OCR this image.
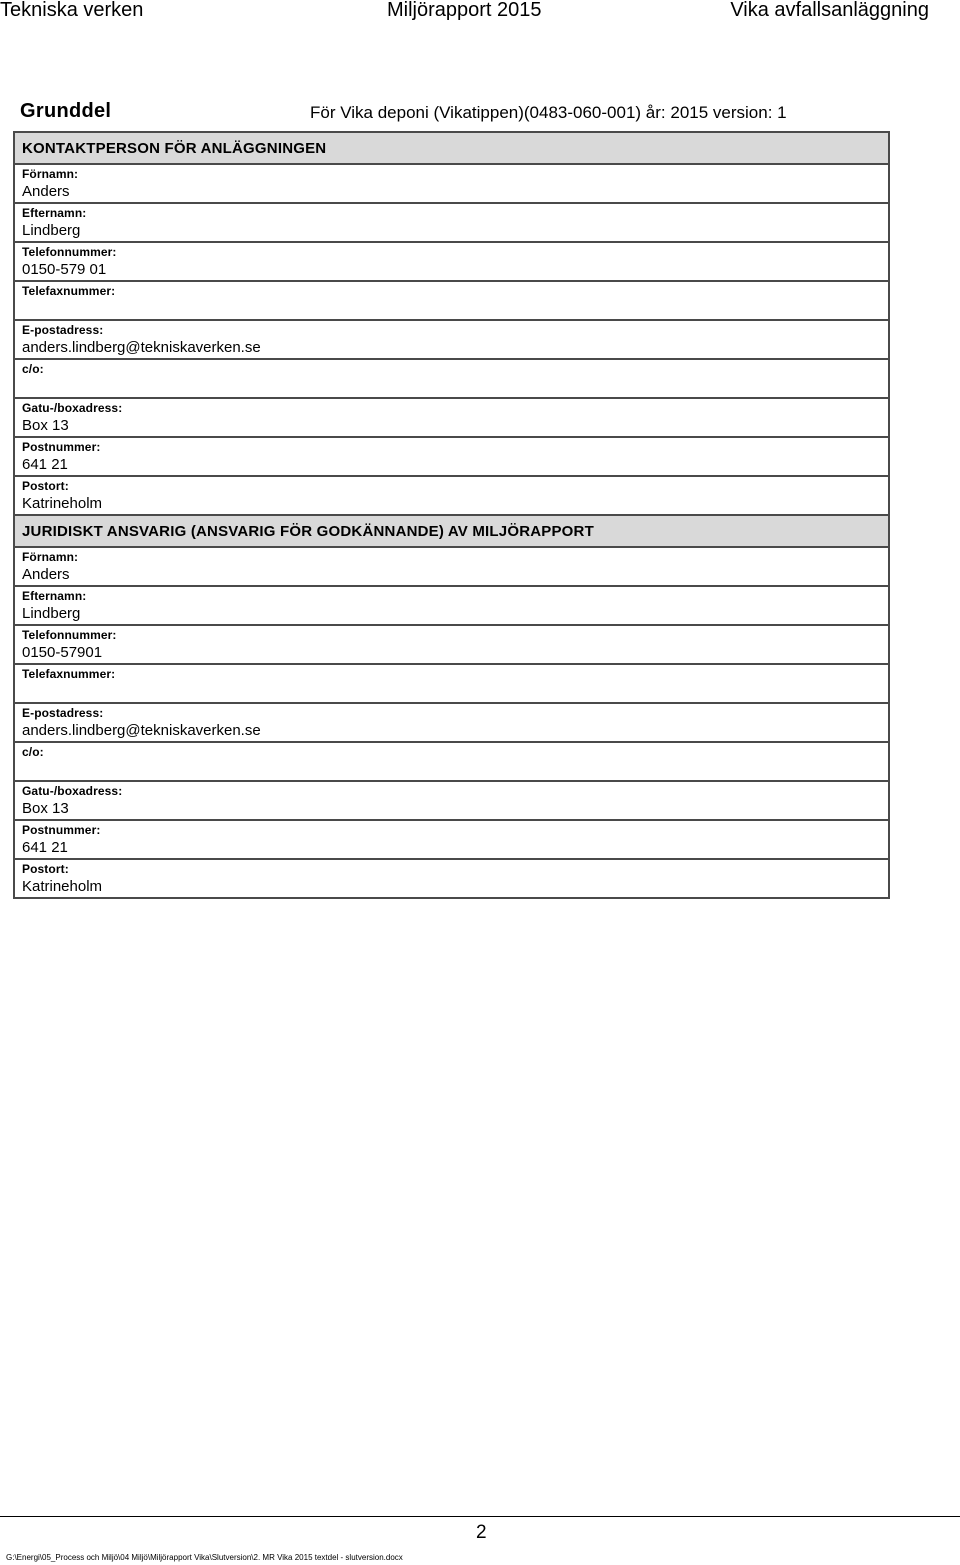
Tekniska verken	Miljörapport 2015	Vika avfallsanläggning
Grunddel	För Vika deponi (Vikatippen)(0483-060-001) år: 2015 version: 1
KONTAKTPERSON FÖR ANLÄGGNINGEN
Förnamn:
Anders
Efternamn:
Lindberg
Telefonnummer:
0150-579 01
Telefaxnummer:
E-postadress:
anders.lindberg@tekniskaverken.se
c/o:
Gatu-/boxadress:
Box 13
Postnummer:
641 21
Postort:
Katrineholm
JURIDISKT ANSVARIG (ANSVARIG FÖR GODKÄNNANDE) AV MILJÖRAPPORT
Förnamn:
Anders
Efternamn:
Lindberg
Telefonnummer:
0150-57901
Telefaxnummer:
E-postadress:
anders.lindberg@tekniskaverken.se
c/o:
Gatu-/boxadress:
Box 13
Postnummer:
641 21
Postort:
Katrineholm
2
G:\Energi\05_Process och Miljö\04 Miljö\Miljörapport Vika\Slutversion\2. MR Vika 2015 textdel - slutversion.docx
